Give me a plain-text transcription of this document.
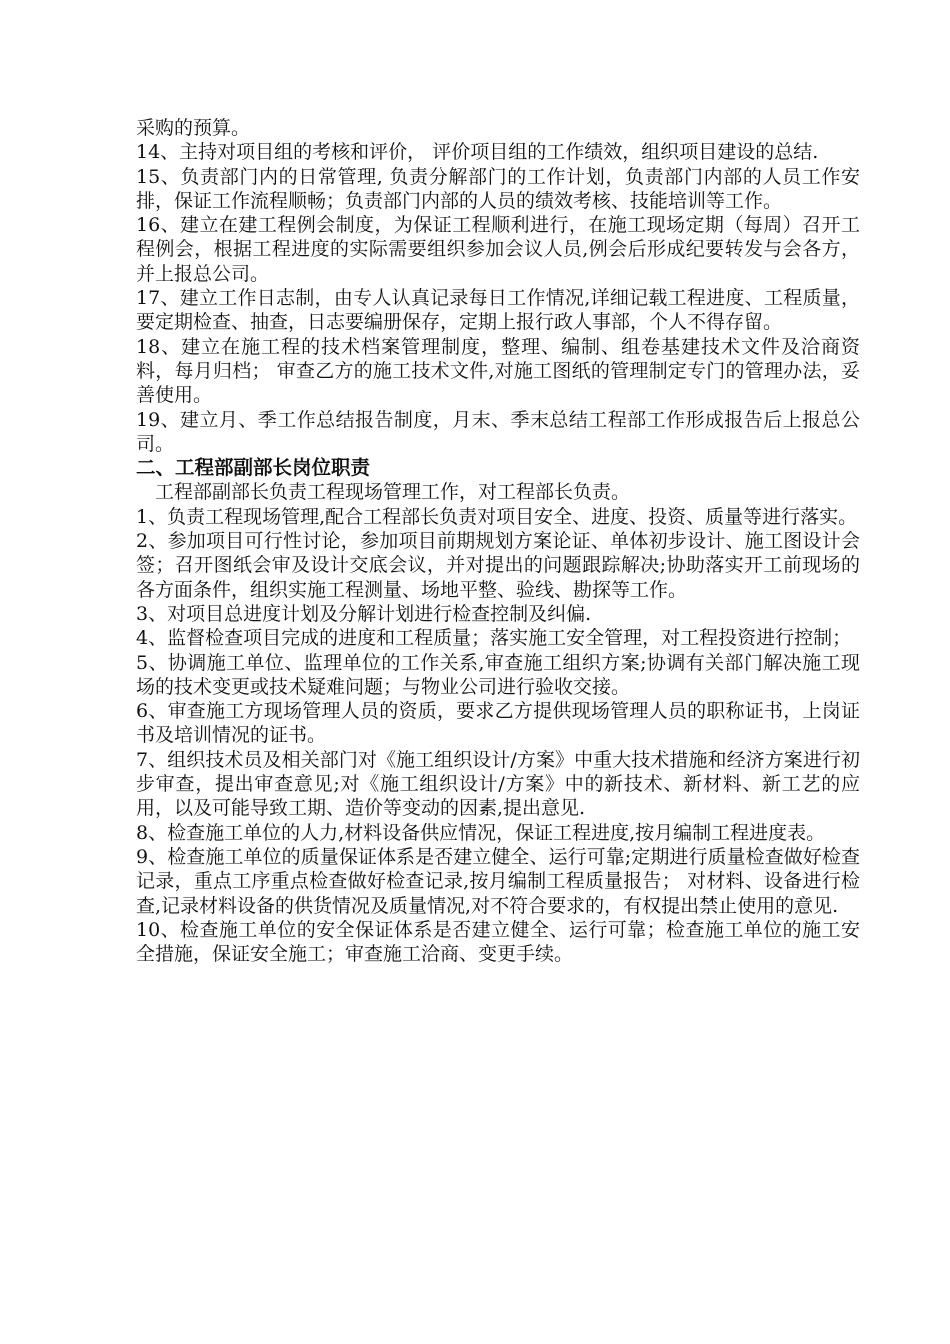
采购的预算。

14、主持对项目组的考核和评价， 评价项目组的工作绩效，组织项目建设的总结.

15、负责部门内的日常管理, 负责分解部门的工作计划，负责部门内部的人员工作安排，保证工作流程顺畅；负责部门内部的人员的绩效考核、技能培训等工作。

16、建立在建工程例会制度，为保证工程顺利进行，在施工现场定期（每周）召开工程例会，根据工程进度的实际需要组织参加会议人员,例会后形成纪要转发与会各方，并上报总公司。

17、建立工作日志制，由专人认真记录每日工作情况,详细记载工程进度、工程质量，要定期检查、抽查，日志要编册保存，定期上报行政人事部，个人不得存留。

18、建立在施工程的技术档案管理制度，整理、编制、组卷基建技术文件及洽商资料，每月归档； 审查乙方的施工技术文件,对施工图纸的管理制定专门的管理办法，妥善使用。

19、建立月、季工作总结报告制度，月末、季末总结工程部工作形成报告后上报总公司。

二、工程部副部长岗位职责

工程部副部长负责工程现场管理工作，对工程部长负责。

1、负责工程现场管理,配合工程部长负责对项目安全、进度、投资、质量等进行落实。

2、参加项目可行性讨论，参加项目前期规划方案论证、单体初步设计、施工图设计会签；召开图纸会审及设计交底会议，并对提出的问题跟踪解决;协助落实开工前现场的各方面条件，组织实施工程测量、场地平整、验线、勘探等工作。

3、对项目总进度计划及分解计划进行检查控制及纠偏.

4、监督检查项目完成的进度和工程质量；落实施工安全管理，对工程投资进行控制；

5、协调施工单位、监理单位的工作关系,审查施工组织方案;协调有关部门解决施工现场的技术变更或技术疑难问题；与物业公司进行验收交接。

6、审查施工方现场管理人员的资质，要求乙方提供现场管理人员的职称证书，上岗证书及培训情况的证书。

7、组织技术员及相关部门对《施工组织设计/方案》中重大技术措施和经济方案进行初步审查，提出审查意见;对《施工组织设计/方案》中的新技术、新材料、新工艺的应用，以及可能导致工期、造价等变动的因素,提出意见.

8、检查施工单位的人力,材料设备供应情况，保证工程进度,按月编制工程进度表。

9、检查施工单位的质量保证体系是否建立健全、运行可靠;定期进行质量检查做好检查记录，重点工序重点检查做好检查记录,按月编制工程质量报告； 对材料、设备进行检查,记录材料设备的供货情况及质量情况,对不符合要求的，有权提出禁止使用的意见.

10、检查施工单位的安全保证体系是否建立健全、运行可靠；检查施工单位的施工安全措施，保证安全施工；审查施工洽商、变更手续。
